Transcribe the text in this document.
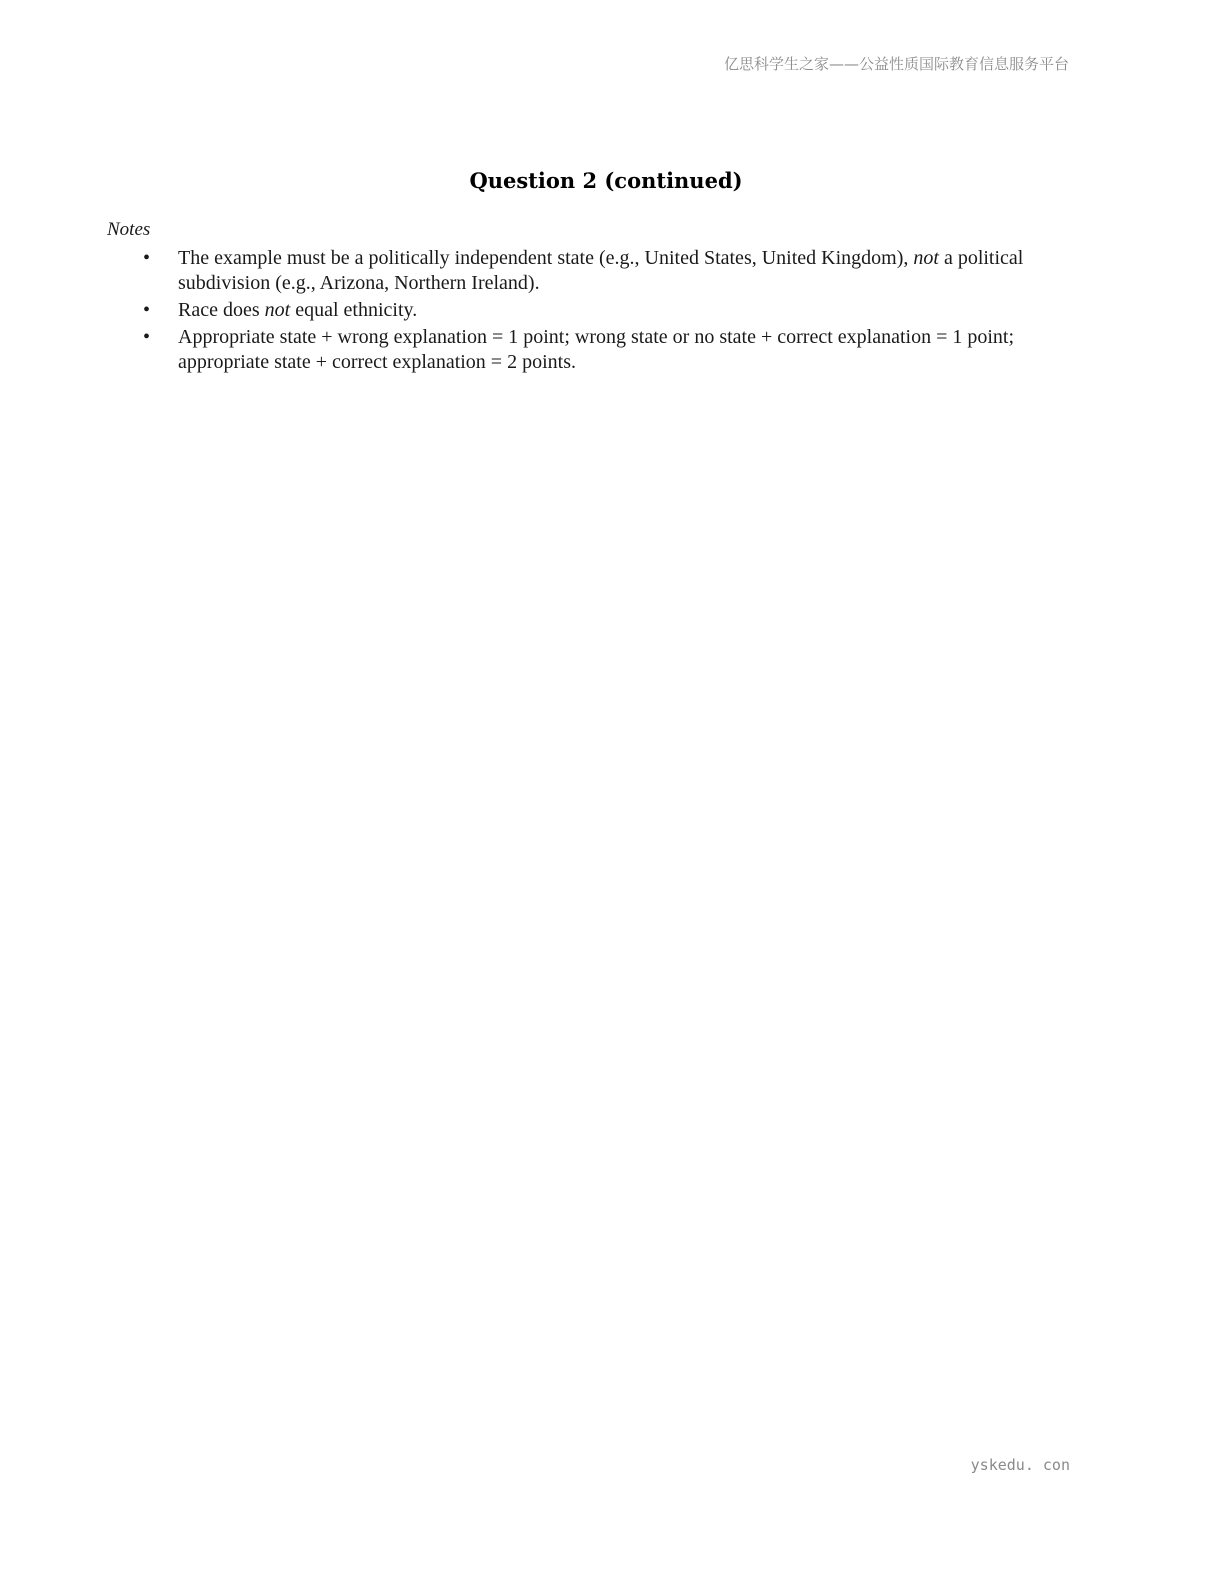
亿思科学生之家——公益性质国际教育信息服务平台
Question 2 (continued)
Notes
• The example must be a politically independent state (e.g., United States, United Kingdom), not a political subdivision (e.g., Arizona, Northern Ireland).
• Race does not equal ethnicity.
• Appropriate state + wrong explanation = 1 point; wrong state or no state + correct explanation = 1 point; appropriate state + correct explanation = 2 points.
yskedu. con
